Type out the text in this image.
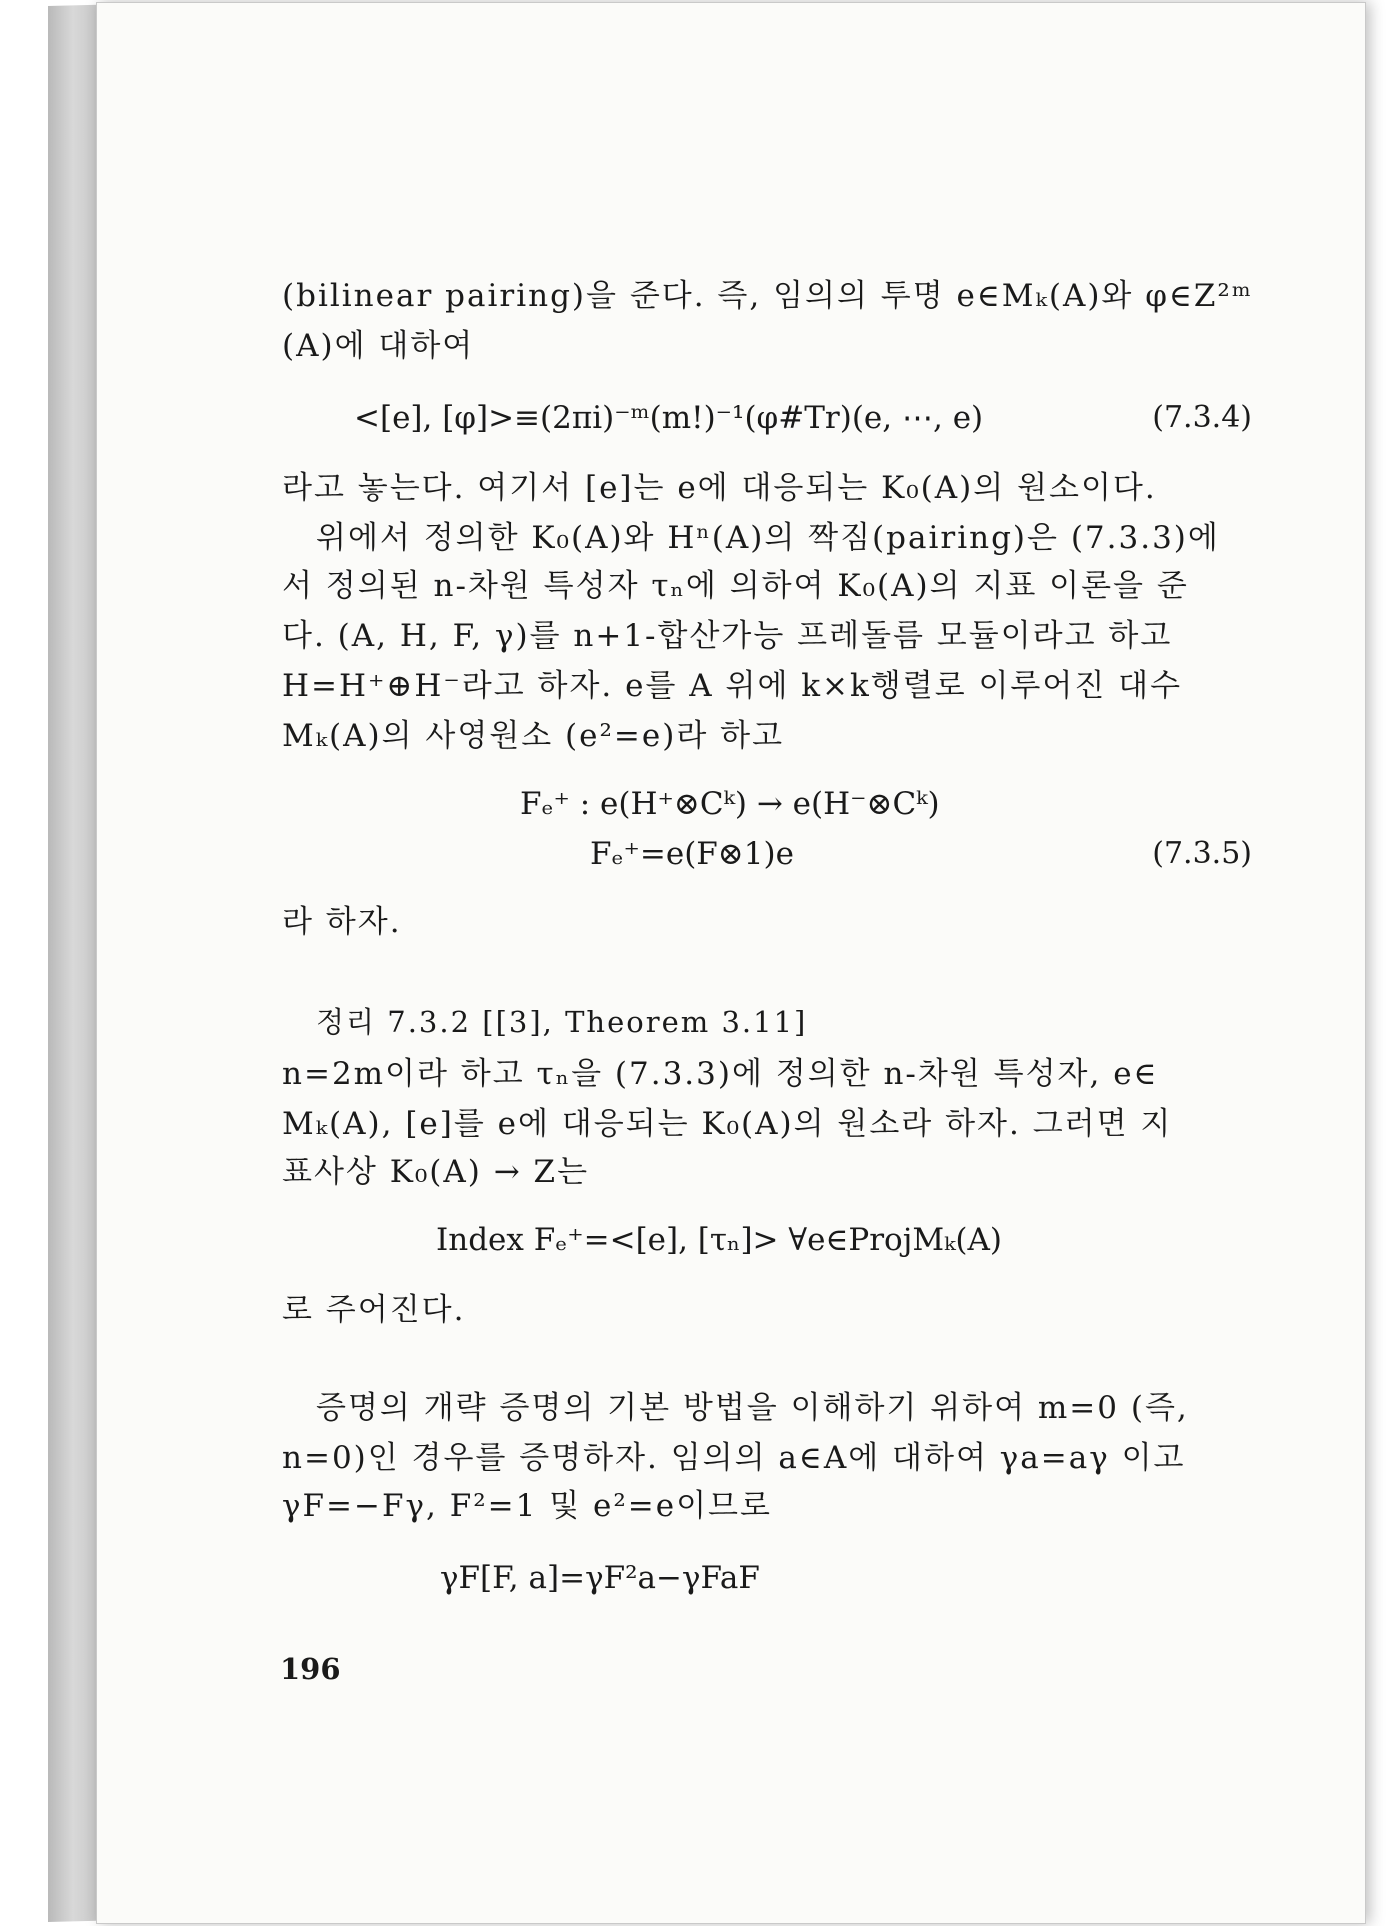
(bilinear pairing)을 준다. 즉, 임의의 투명 e∈Mₖ(A)와 φ∈Z²ᵐ
(A)에 대하여
<[e], [φ]>≡(2πi)⁻ᵐ(m!)⁻¹(φ#Tr)(e, ⋯, e)	(7.3.4)
라고 놓는다. 여기서 [e]는 e에 대응되는 K₀(A)의 원소이다.
위에서 정의한 K₀(A)와 Hⁿ(A)의 짝짐(pairing)은 (7.3.3)에
서 정의된 n-차원 특성자 τₙ에 의하여 K₀(A)의 지표 이론을 준
다. (A, H, F, γ)를 n+1-합산가능 프레돌름 모듈이라고 하고
H=H⁺⊕H⁻라고 하자. e를 A 위에 k×k행렬로 이루어진 대수
Mₖ(A)의 사영원소 (e²=e)라 하고
Fₑ⁺ : e(H⁺⊗Cᵏ) → e(H⁻⊗Cᵏ)
Fₑ⁺=e(F⊗1)e	(7.3.5)
라 하자.
정리 7.3.2 [[3], Theorem 3.11]
n=2m이라 하고 τₙ을 (7.3.3)에 정의한 n-차원 특성자, e∈
Mₖ(A), [e]를 e에 대응되는 K₀(A)의 원소라 하자. 그러면 지
표사상 K₀(A) → Z는
Index Fₑ⁺=<[e], [τₙ]> ∀e∈ProjMₖ(A)
로 주어진다.
증명의 개략 증명의 기본 방법을 이해하기 위하여 m=0 (즉,
n=0)인 경우를 증명하자. 임의의 a∈A에 대하여 γa=aγ 이고
γF=−Fγ, F²=1 및 e²=e이므로
γF[F, a]=γF²a−γFaF
196
